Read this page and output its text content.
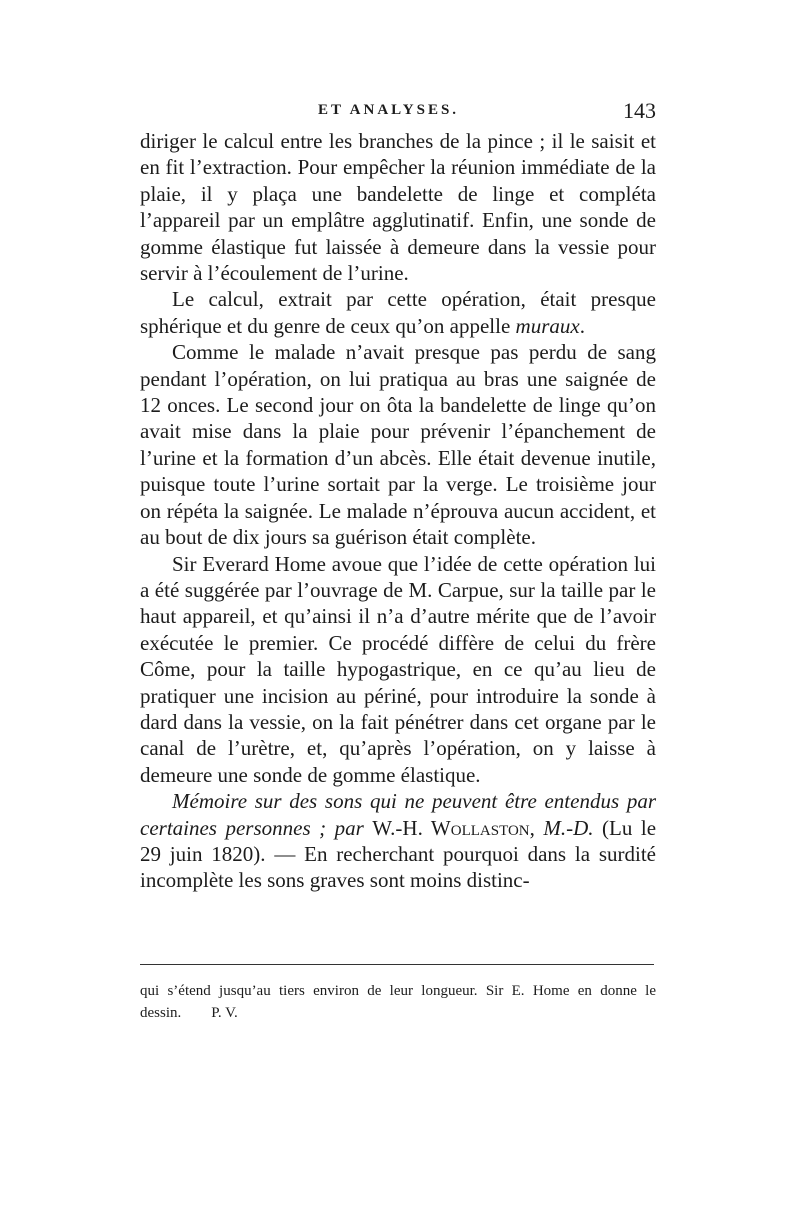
ET ANALYSES.	143

diriger le calcul entre les branches de la pince ; il le saisit et en fit l’extraction. Pour empêcher la réunion immédiate de la plaie, il y plaça une bandelette de linge et compléta l’appareil par un emplâtre agglutinatif. Enfin, une sonde de gomme élastique fut laissée à demeure dans la vessie pour servir à l’écoulement de l’urine.

Le calcul, extrait par cette opération, était presque sphérique et du genre de ceux qu’on appelle muraux.

Comme le malade n’avait presque pas perdu de sang pendant l’opération, on lui pratiqua au bras une saignée de 12 onces. Le second jour on ôta la bandelette de linge qu’on avait mise dans la plaie pour prévenir l’épanchement de l’urine et la formation d’un abcès. Elle était devenue inutile, puisque toute l’urine sortait par la verge. Le troisième jour on répéta la saignée. Le malade n’éprouva aucun accident, et au bout de dix jours sa guérison était complète.

Sir Everard Home avoue que l’idée de cette opération lui a été suggérée par l’ouvrage de M. Carpue, sur la taille par le haut appareil, et qu’ainsi il n’a d’autre mérite que de l’avoir exécutée le premier. Ce procédé diffère de celui du frère Côme, pour la taille hypogastrique, en ce qu’au lieu de pratiquer une incision au périné, pour introduire la sonde à dard dans la vessie, on la fait pénétrer dans cet organe par le canal de l’urètre, et, qu’après l’opération, on y laisse à demeure une sonde de gomme élastique.

Mémoire sur des sons qui ne peuvent être entendus par certaines personnes ; par W.-H. Wollaston, M.-D. (Lu le 29 juin 1820). — En recherchant pourquoi dans la surdité incomplète les sons graves sont moins distinc-

qui s’étend jusqu’au tiers environ de leur longueur. Sir E. Home en donne le dessin. P. V.
